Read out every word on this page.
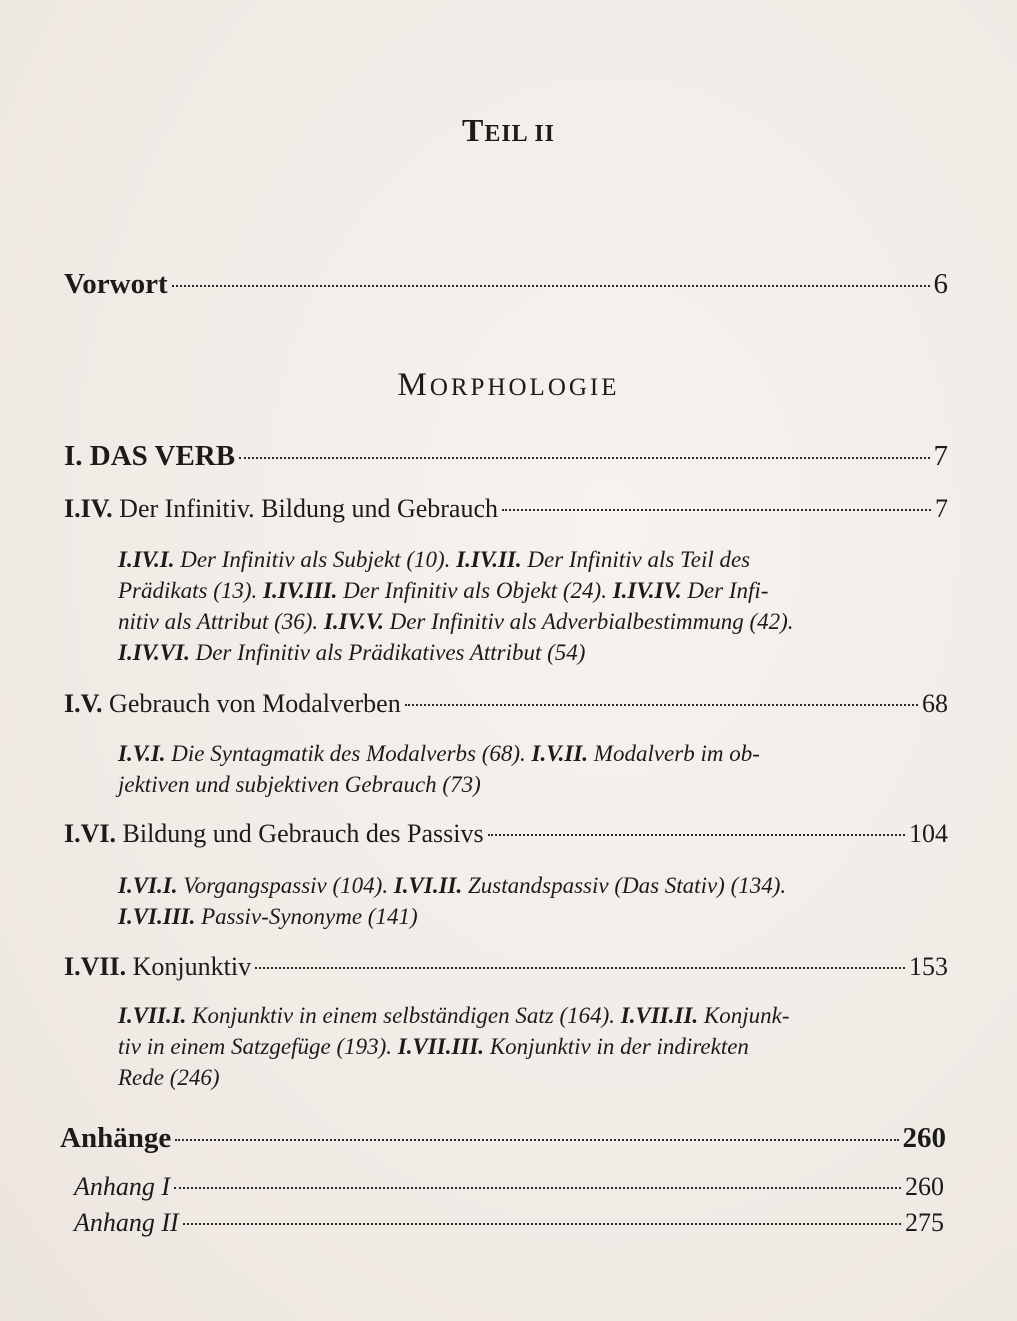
TEIL II
Vorwort	6
MORPHOLOGIE
I. DAS VERB	7
I.IV. Der Infinitiv. Bildung und Gebrauch	7
I.IV.I. Der Infinitiv als Subjekt (10). I.IV.II. Der Infinitiv als Teil des
Prädikats (13). I.IV.III. Der Infinitiv als Objekt (24). I.IV.IV. Der Infi-
nitiv als Attribut (36). I.IV.V. Der Infinitiv als Adverbialbestimmung (42).
I.IV.VI. Der Infinitiv als Prädikatives Attribut (54)
I.V. Gebrauch von Modalverben	68
I.V.I. Die Syntagmatik des Modalverbs (68). I.V.II. Modalverb im ob-
jektiven und subjektiven Gebrauch (73)
I.VI. Bildung und Gebrauch des Passivs	104
I.VI.I. Vorgangspassiv (104). I.VI.II. Zustandspassiv (Das Stativ) (134).
I.VI.III. Passiv-Synonyme (141)
I.VII. Konjunktiv	153
I.VII.I. Konjunktiv in einem selbständigen Satz (164). I.VII.II. Konjunk-
tiv in einem Satzgefüge (193). I.VII.III. Konjunktiv in der indirekten
Rede (246)
Anhänge	260
Anhang I	260
Anhang II	275
